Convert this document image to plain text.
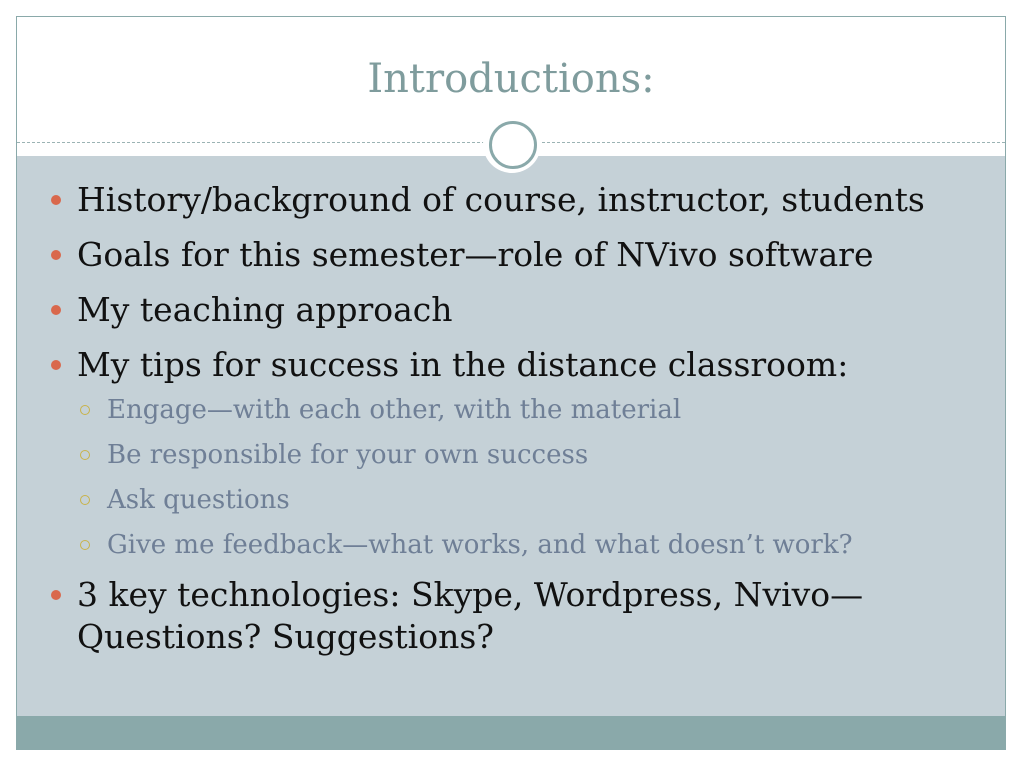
Introductions:
History/background of course, instructor, students
Goals for this semester—role of NVivo software
My teaching approach
My tips for success in the distance classroom:
Engage—with each other, with the material
Be responsible for your own success
Ask questions
Give me feedback—what works, and what doesn’t work?
3 key technologies: Skype, Wordpress, Nvivo— Questions? Suggestions?
